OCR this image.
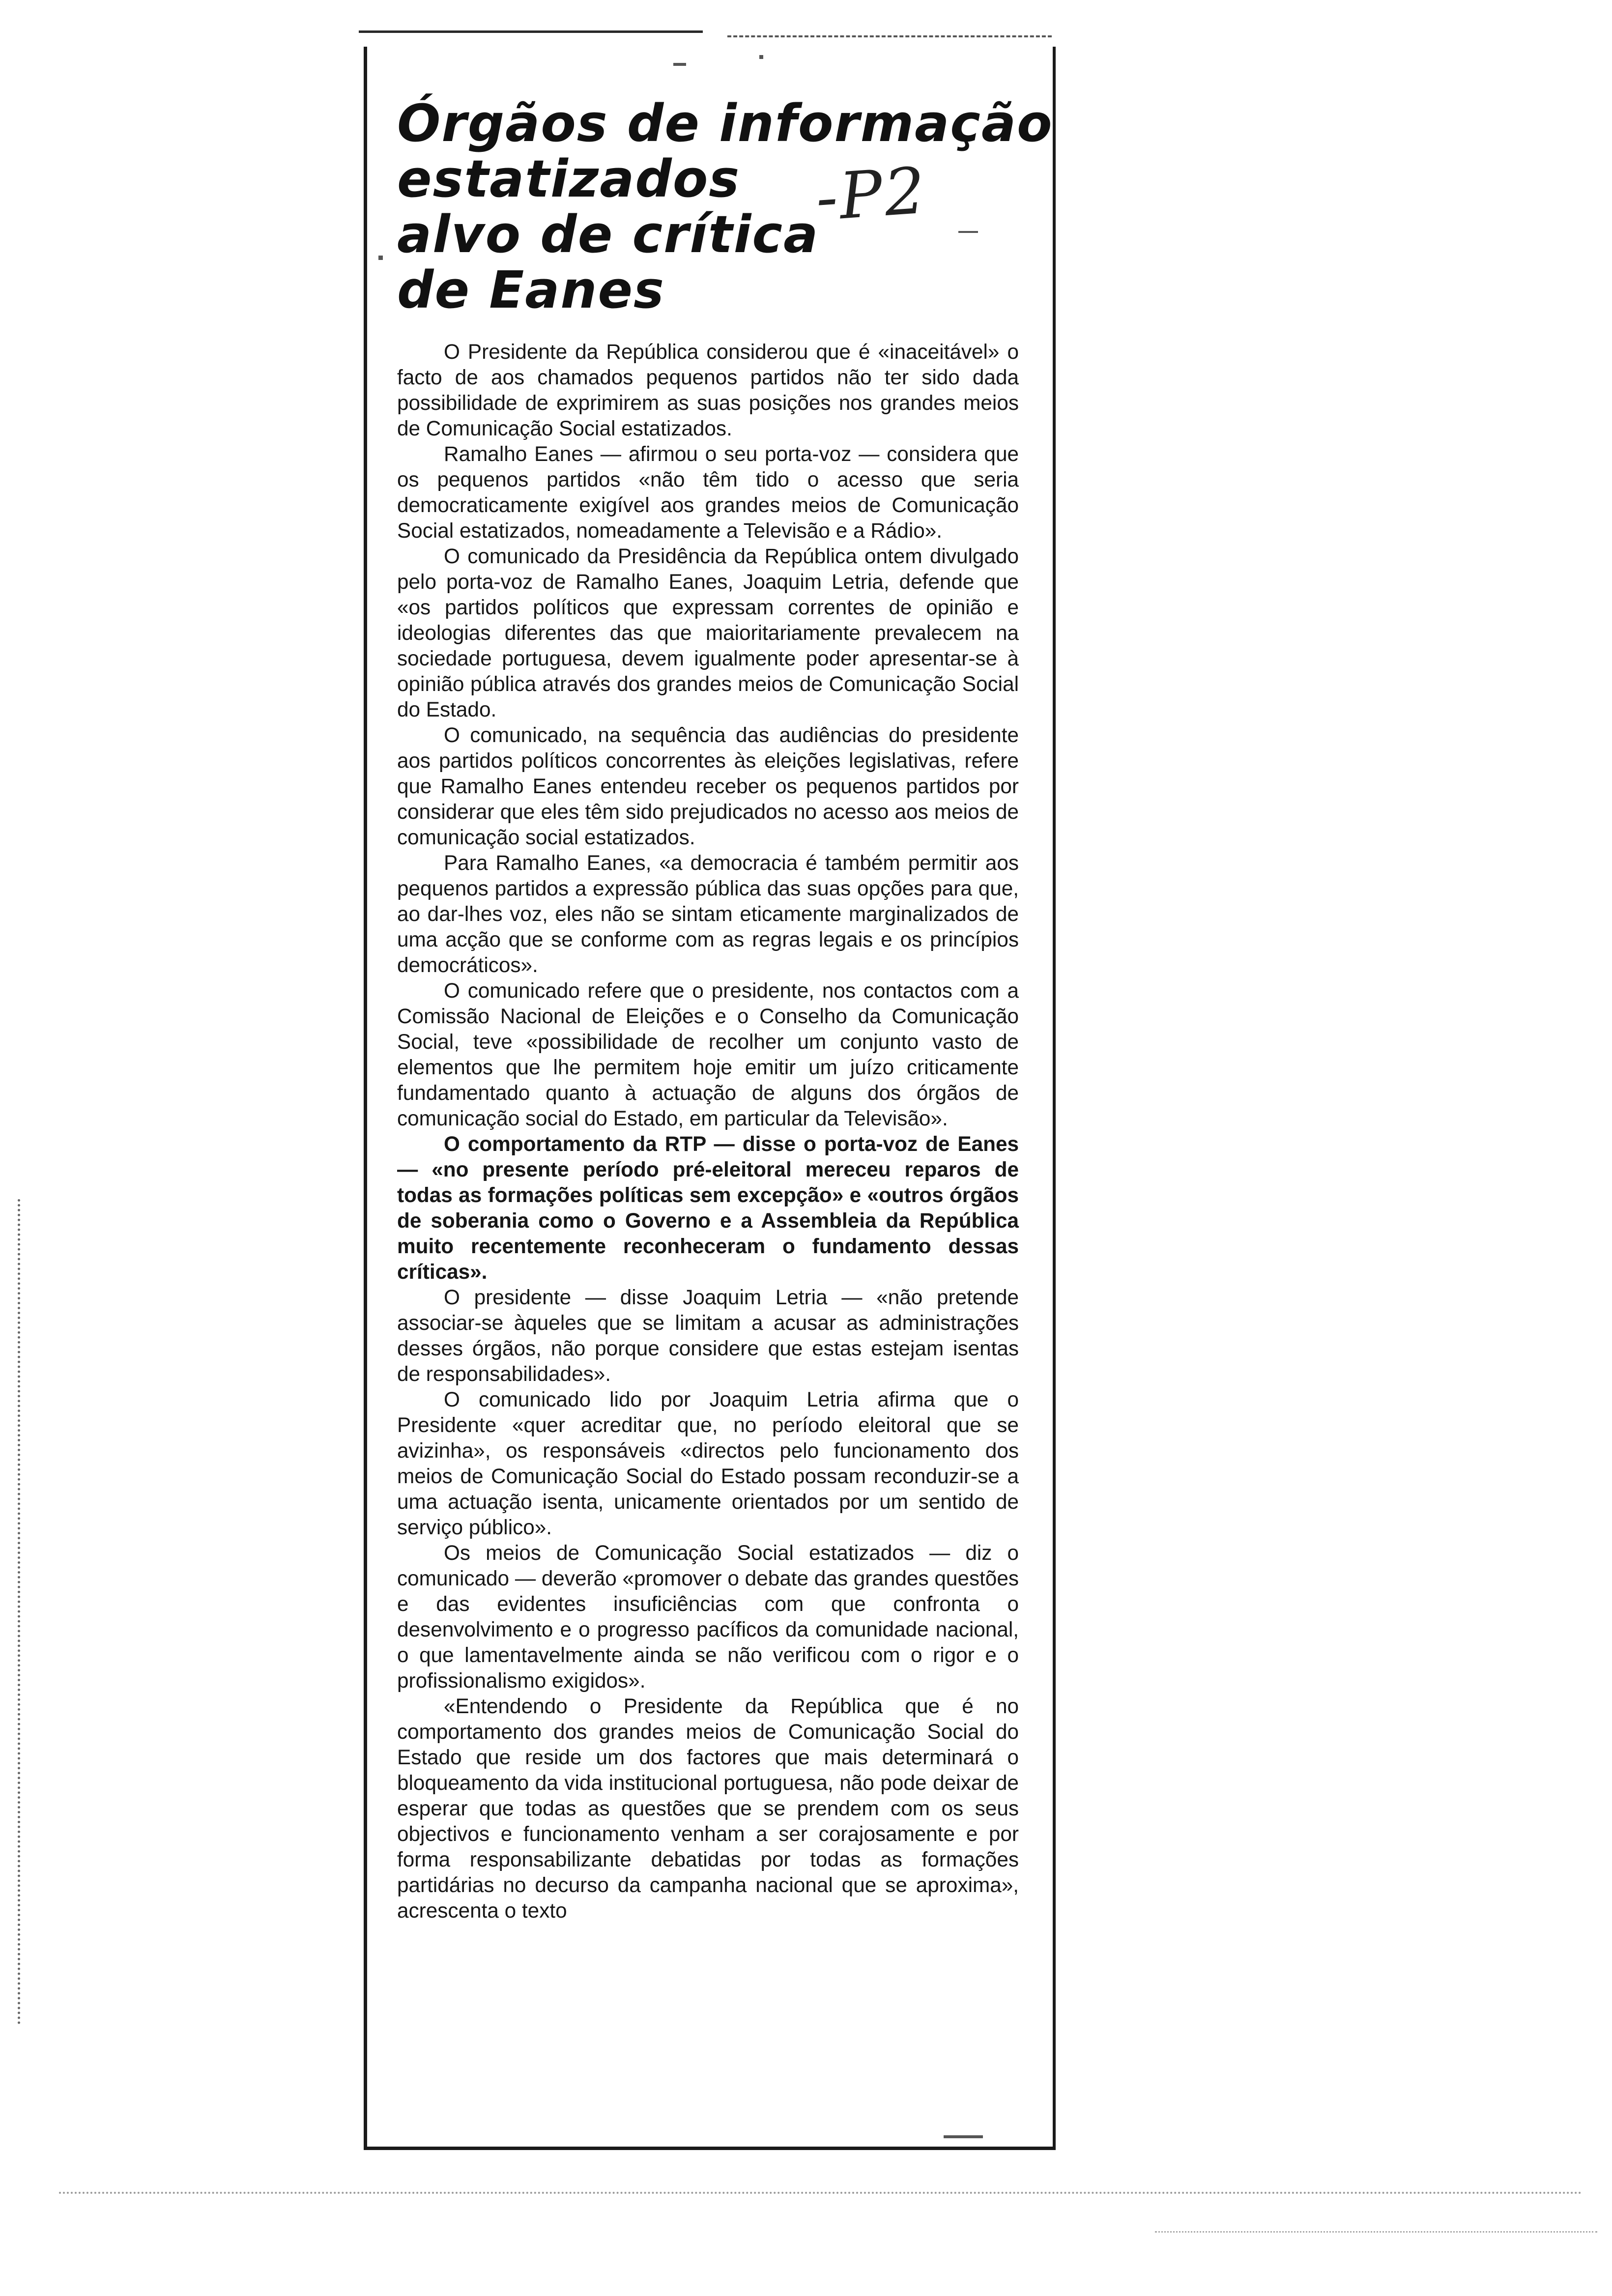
Órgãos de informação
estatizados
alvo de crítica
de Eanes
-P2

O Presidente da República considerou que é «inaceitável» o facto de aos chamados pequenos partidos não ter sido dada possibilidade de exprimirem as suas posições nos grandes meios de Comunicação Social estatizados.

Ramalho Eanes — afirmou o seu porta-voz — considera que os pequenos partidos «não têm tido o acesso que seria democraticamente exigível aos grandes meios de Comunicação Social estatizados, nomeadamente a Televisão e a Rádio».

O comunicado da Presidência da República ontem divulgado pelo porta-voz de Ramalho Eanes, Joaquim Letria, defende que «os partidos políticos que expressam correntes de opinião e ideologias diferentes das que maioritariamente prevalecem na sociedade portuguesa, devem igualmente poder apresentar-se à opinião pública através dos grandes meios de Comunicação Social do Estado.

O comunicado, na sequência das audiências do presidente aos partidos políticos concorrentes às eleições legislativas, refere que Ramalho Eanes entendeu receber os pequenos partidos por considerar que eles têm sido prejudicados no acesso aos meios de comunicação social estatizados.

Para Ramalho Eanes, «a democracia é também permitir aos pequenos partidos a expressão pública das suas opções para que, ao dar-lhes voz, eles não se sintam eticamente marginalizados de uma acção que se conforme com as regras legais e os princípios democráticos».

O comunicado refere que o presidente, nos contactos com a Comissão Nacional de Eleições e o Conselho da Comunicação Social, teve «possibilidade de recolher um conjunto vasto de elementos que lhe permitem hoje emitir um juízo criticamente fundamentado quanto à actuação de alguns dos órgãos de comunicação social do Estado, em particular da Televisão».

O comportamento da RTP — disse o porta-voz de Eanes — «no presente período pré-eleitoral mereceu reparos de todas as formações políticas sem excepção» e «outros órgãos de soberania como o Governo e a Assembleia da República muito recentemente reconheceram o fundamento dessas críticas».

O presidente — disse Joaquim Letria — «não pretende associar-se àqueles que se limitam a acusar as administrações desses órgãos, não porque considere que estas estejam isentas de responsabilidades».

O comunicado lido por Joaquim Letria afirma que o Presidente «quer acreditar que, no período eleitoral que se avizinha», os responsáveis «directos pelo funcionamento dos meios de Comunicação Social do Estado possam reconduzir-se a uma actuação isenta, unicamente orientados por um sentido de serviço público».

Os meios de Comunicação Social estatizados — diz o comunicado — deverão «promover o debate das grandes questões e das evidentes insuficiências com que confronta o desenvolvimento e o progresso pacíficos da comunidade nacional, o que lamentavelmente ainda se não verificou com o rigor e o profissionalismo exigidos».

«Entendendo o Presidente da República que é no comportamento dos grandes meios de Comunicação Social do Estado que reside um dos factores que mais determinará o bloqueamento da vida institucional portuguesa, não pode deixar de esperar que todas as questões que se prendem com os seus objectivos e funcionamento venham a ser corajosamente e por forma responsabilizante debatidas por todas as formações partidárias no decurso da campanha nacional que se aproxima», acrescenta o texto
